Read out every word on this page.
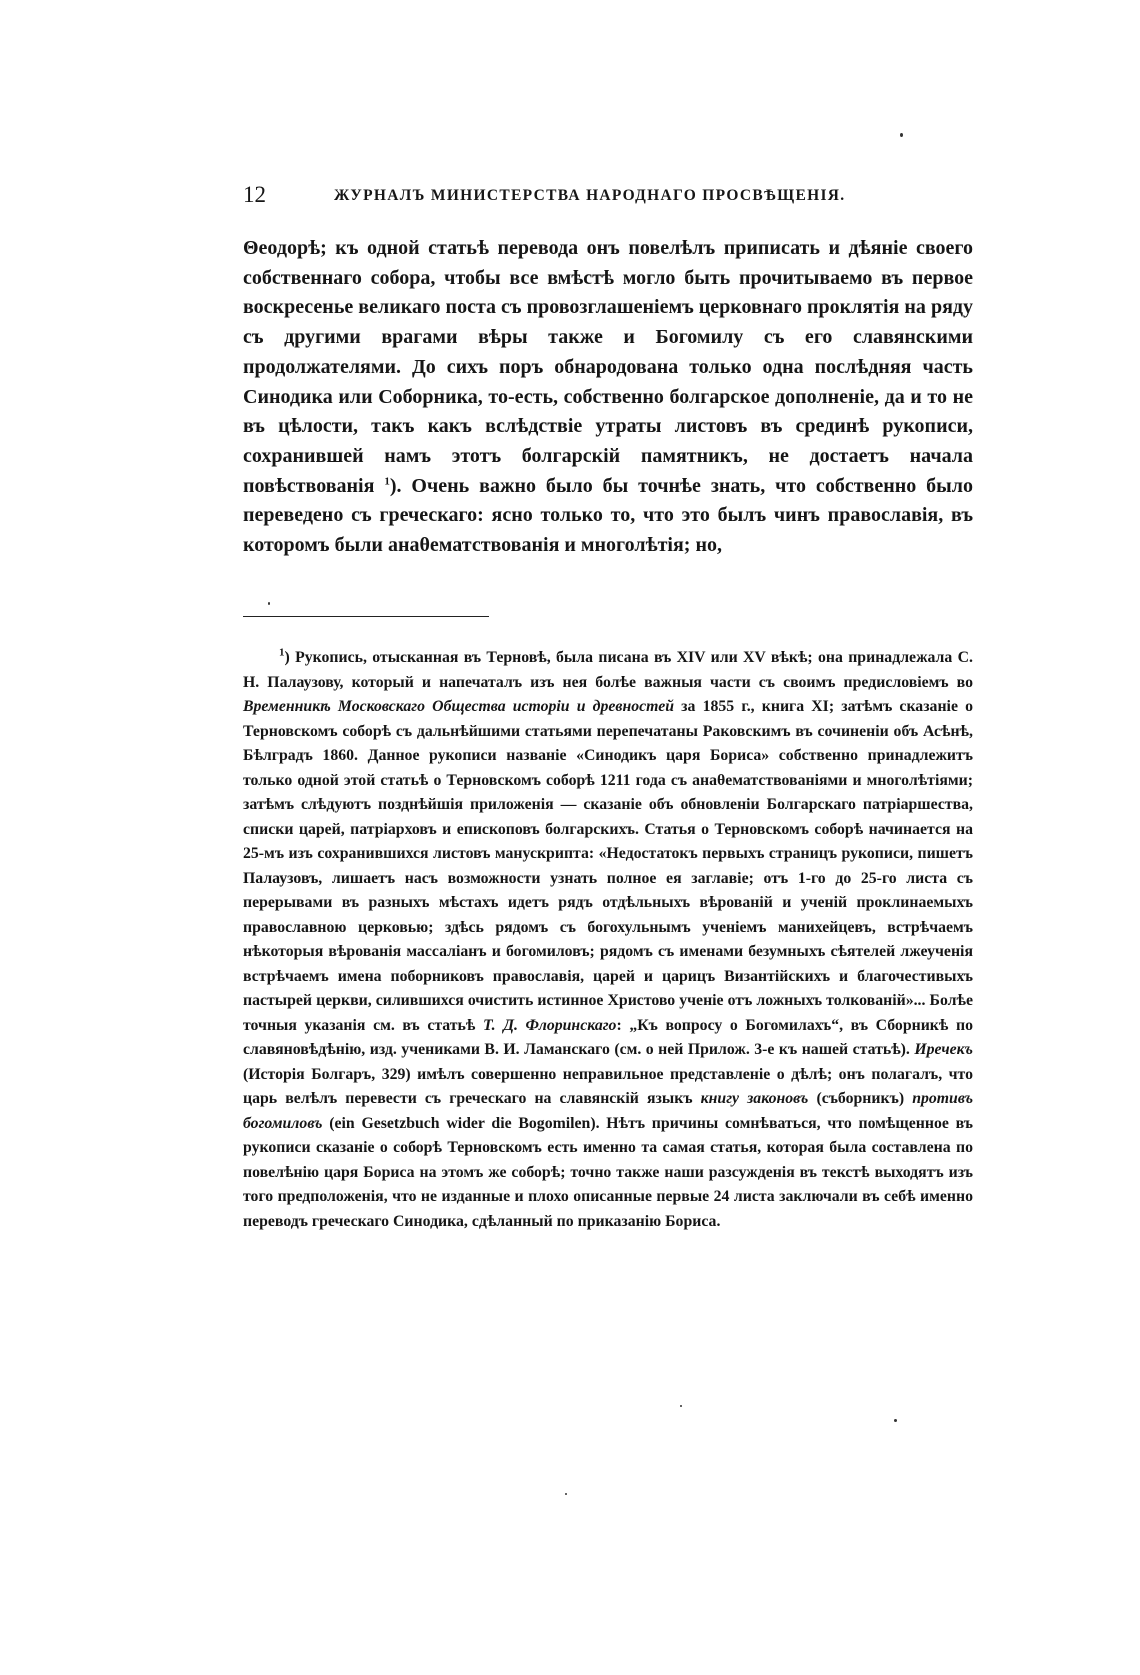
12	ЖУРНАЛЪ МИНИСТЕРСТВА НАРОДНАГО ПРОСВѢЩЕНІЯ.

Θеодорѣ; къ одной статьѣ перевода онъ повелѣлъ приписать и дѣяніе своего собственнаго собора, чтобы все вмѣстѣ могло быть прочитываемо въ первое воскресенье великаго поста съ провозглашеніемъ церковнаго проклятія на ряду съ другими врагами вѣры также и Богомилу съ его славянскими продолжателями. До сихъ поръ обнародована только одна послѣдняя часть Синодика или Соборника, то-есть, собственно болгарское дополненіе, да и то не въ цѣлости, такъ какъ вслѣдствіе утраты листовъ въ срединѣ рукописи, сохранившей намъ этотъ болгарскій памятникъ, не достаетъ начала повѣствованія $^1$). Очень важно было бы точнѣе знать, что собственно было переведено съ греческаго: ясно только то, что это былъ чинъ православія, въ которомъ были анаθематствованія и многолѣтія; но,

$^1$) Рукопись, отысканная въ Терновѣ, была писана въ XIV или XV вѣкѣ; она принадлежала С. Н. Палаузову, который и напечаталъ изъ нея болѣе важныя части съ своимъ предисловіемъ во Временникѣ Московскаго Общества исторіи и древностей за 1855 г., книга XI; затѣмъ сказаніе о Терновскомъ соборѣ съ дальнѣйшими статьями перепечатаны Раковскимъ въ сочиненіи объ Асѣнѣ, Бѣлградъ 1860. Данное рукописи названіе «Синодикъ царя Бориса» собственно принадлежитъ только одной этой статьѣ о Терновскомъ соборѣ 1211 года съ анаθематствованіями и многолѣтіями; затѣмъ слѣдуютъ позднѣйшія приложенія — сказаніе объ обновленіи Болгарскаго патріаршества, списки царей, патріарховъ и епископовъ болгарскихъ. Статья о Терновскомъ соборѣ начинается на 25-мъ изъ сохранившихся листовъ манускрипта: «Недостатокъ первыхъ страницъ рукописи, пишетъ Палаузовъ, лишаетъ насъ возможности узнать полное ея заглавіе; отъ 1-го до 25-го листа съ перерывами въ разныхъ мѣстахъ идетъ рядъ отдѣльныхъ вѣрованій и ученій проклинаемыхъ православною церковью; здѣсь рядомъ съ богохульнымъ ученіемъ манихейцевъ, встрѣчаемъ нѣкоторыя вѣрованія массаліанъ и богомиловъ; рядомъ съ именами безумныхъ сѣятелей лжеученія встрѣчаемъ имена поборниковъ православія, царей и царицъ Византійскихъ и благочестивыхъ пастырей церкви, силившихся очистить истинное Христово ученіе отъ ложныхъ толкованій»... Болѣе точныя указанія см. въ статьѣ Т. Д. Флоринскаго: „Къ вопросу о Богомилахъ“, въ Сборникѣ по славяновѣдѣнію, изд. учениками В. И. Ламанскаго (см. о ней Прилож. 3-е къ нашей статьѣ). Иречекъ (Исторія Болгаръ, 329) имѣлъ совершенно неправильное представленіе о дѣлѣ; онъ полагалъ, что царь велѣлъ перевести съ греческаго на славянскій языкъ книгу законовъ (съборникъ) противъ богомиловъ (ein Gesetzbuch wider die Bogomilen). Нѣтъ причины сомнѣваться, что помѣщенное въ рукописи сказаніе о соборѣ Терновскомъ есть именно та самая статья, которая была составлена по повелѣнію царя Бориса на этомъ же соборѣ; точно также наши разсужденія въ текстѣ выходятъ изъ того предположенія, что не изданные и плохо описанные первые 24 листа заключали въ себѣ именно переводъ греческаго Синодика, сдѣланный по приказанію Бориса.
